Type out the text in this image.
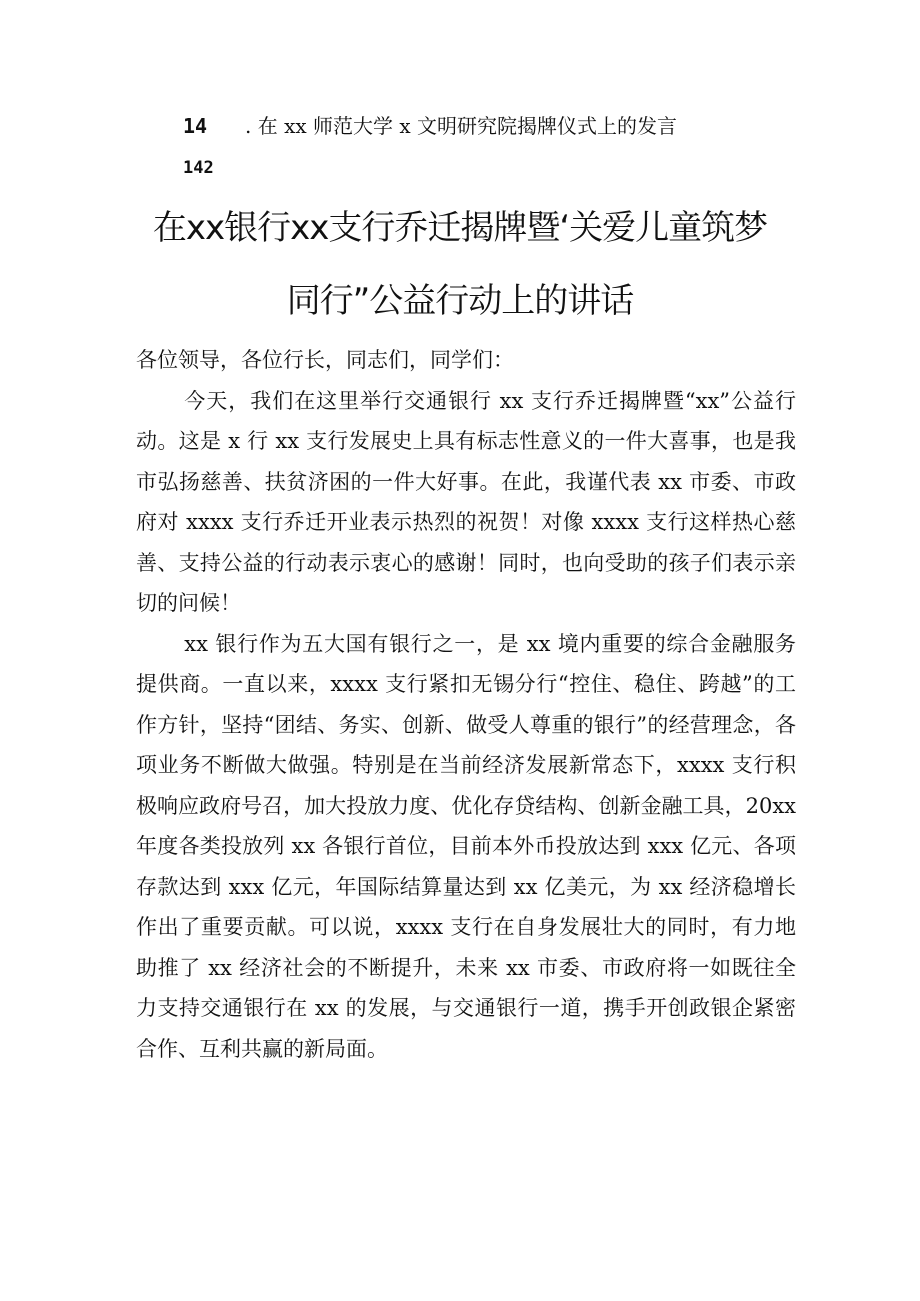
14 . 在 xx 师范大学 x 文明研究院揭牌仪式上的发言
142
在xx银行xx支行乔迁揭牌暨‘关爱儿童筑梦
同行”公益行动上的讲话

各位领导，各位行长，同志们，同学们：

今天，我们在这里举行交通银行 xx 支行乔迁揭牌暨“xx”公益行动。这是 x 行 xx 支行发展史上具有标志性意义的一件大喜事，也是我市弘扬慈善、扶贫济困的一件大好事。在此，我谨代表 xx 市委、市政府对 xxxx 支行乔迁开业表示热烈的祝贺！对像 xxxx 支行这样热心慈善、支持公益的行动表示衷心的感谢！同时，也向受助的孩子们表示亲切的问候！

xx 银行作为五大国有银行之一，是 xx 境内重要的综合金融服务提供商。一直以来，xxxx 支行紧扣无锡分行“控住、稳住、跨越”的工作方针，坚持“团结、务实、创新、做受人尊重的银行”的经营理念，各项业务不断做大做强。特别是在当前经济发展新常态下，xxxx 支行积极响应政府号召，加大投放力度、优化存贷结构、创新金融工具，20xx 年度各类投放列 xx 各银行首位，目前本外币投放达到 xxx 亿元、各项存款达到 xxx 亿元，年国际结算量达到 xx 亿美元，为 xx 经济稳增长作出了重要贡献。可以说，xxxx 支行在自身发展壮大的同时，有力地助推了 xx 经济社会的不断提升，未来 xx 市委、市政府将一如既往全力支持交通银行在 xx 的发展，与交通银行一道，携手开创政银企紧密合作、互利共赢的新局面。
